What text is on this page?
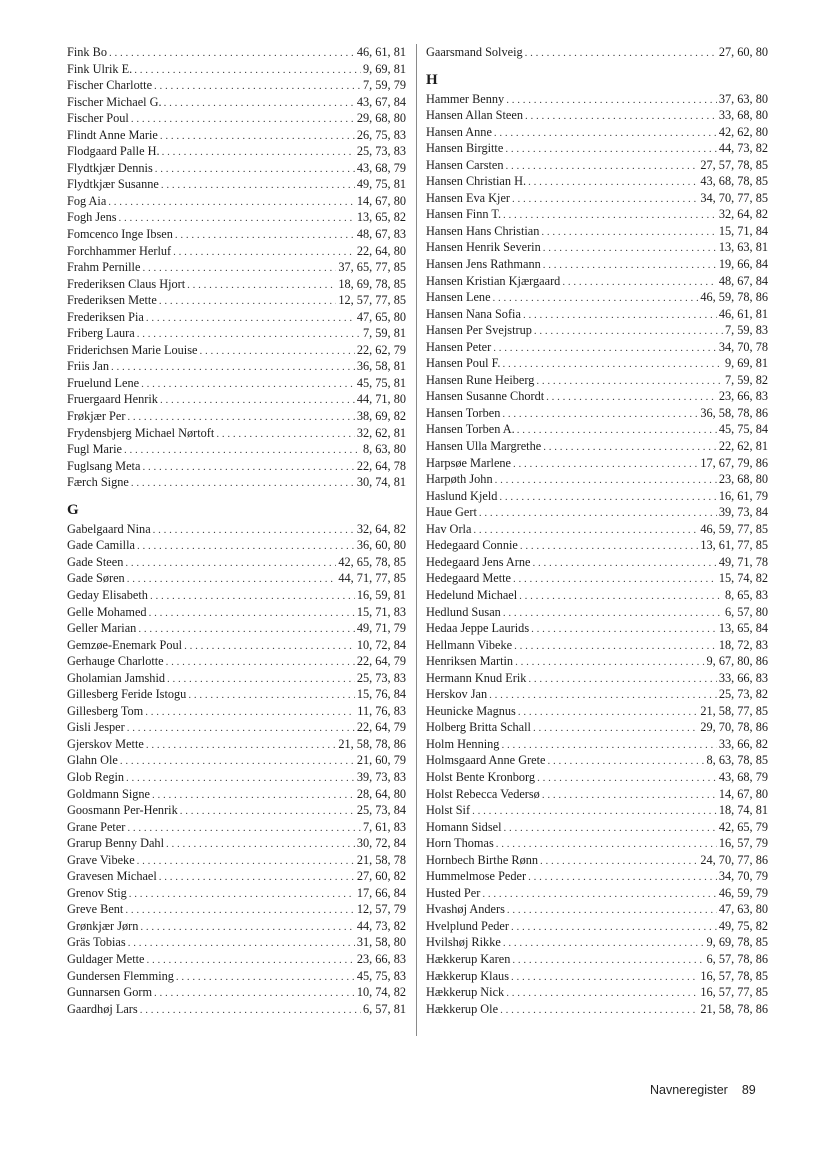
Fink Bo . . .	46, 61, 81
Fink Ulrik E. . . .	9, 69, 81
Fischer Charlotte . . .	7, 59, 79
Fischer Michael G. . . .	43, 67, 84
Fischer Poul . . .	29, 68, 80
Flindt Anne Marie . . .	26, 75, 83
Flodgaard Palle H. . . .	25, 73, 83
Flydtkjær Dennis . . .	43, 68, 79
Flydtkjær Susanne . . .	49, 75, 81
Fog Aia . . .	14, 67, 80
Fogh Jens . . .	13, 65, 82
Fomcenco Inge Ibsen . . .	48, 67, 83
Forchhammer Herluf . . .	22, 64, 80
Frahm Pernille . . .	37, 65, 77, 85
Frederiksen Claus Hjort . . .	18, 69, 78, 85
Frederiksen Mette . . .	12, 57, 77, 85
Frederiksen Pia . . .	47, 65, 80
Friberg Laura . . .	7, 59, 81
Friderichsen Marie Louise . . .	22, 62, 79
Friis Jan . . .	36, 58, 81
Fruelund Lene . . .	45, 75, 81
Fruergaard Henrik . . .	44, 71, 80
Frøkjær Per . . .	38, 69, 82
Frydensbjerg Michael Nørtoft . . .	32, 62, 81
Fugl Marie . . .	8, 63, 80
Fuglsang Meta . . .	22, 64, 78
Færch Signe . . .	30, 74, 81
G
Gabelgaard Nina . . .	32, 64, 82
Gade Camilla . . .	36, 60, 80
Gade Steen . . .	42, 65, 78, 85
Gade Søren . . .	44, 71, 77, 85
Geday Elisabeth . . .	16, 59, 81
Gelle Mohamed . . .	15, 71, 83
Geller Marian . . .	49, 71, 79
Gemzøe-Enemark Poul . . .	10, 72, 84
Gerhauge Charlotte . . .	22, 64, 79
Gholamian Jamshid . . .	25, 73, 83
Gillesberg Feride Istogu . . .	15, 76, 84
Gillesberg Tom . . .	11, 76, 83
Gisli Jesper . . .	22, 64, 79
Gjerskov Mette . . .	21, 58, 78, 86
Glahn Ole . . .	21, 60, 79
Glob Regin . . .	39, 73, 83
Goldmann Signe . . .	28, 64, 80
Goosmann Per-Henrik . . .	25, 73, 84
Grane Peter . . .	7, 61, 83
Grarup Benny Dahl . . .	30, 72, 84
Grave Vibeke . . .	21, 58, 78
Gravesen Michael . . .	27, 60, 82
Grenov Stig . . .	17, 66, 84
Greve Bent . . .	12, 57, 79
Grønkjær Jørn . . .	44, 73, 82
Gräs Tobias . . .	31, 58, 80
Guldager Mette . . .	23, 66, 83
Gundersen Flemming . . .	45, 75, 83
Gunnarsen Gorm . . .	10, 74, 82
Gaardhøj Lars . . .	6, 57, 81
Gaarsmand Solveig . . .	27, 60, 80
H
Hammer Benny . . .	37, 63, 80
Hansen Allan Steen . . .	33, 68, 80
Hansen Anne . . .	42, 62, 80
Hansen Birgitte . . .	44, 73, 82
Hansen Carsten . . .	27, 57, 78, 85
Hansen Christian H. . . .	43, 68, 78, 85
Hansen Eva Kjer . . .	34, 70, 77, 85
Hansen Finn T. . . .	32, 64, 82
Hansen Hans Christian . . .	15, 71, 84
Hansen Henrik Severin . . .	13, 63, 81
Hansen Jens Rathmann . . .	19, 66, 84
Hansen Kristian Kjærgaard . . .	48, 67, 84
Hansen Lene . . .	46, 59, 78, 86
Hansen Nana Sofia . . .	46, 61, 81
Hansen Per Svejstrup . . .	7, 59, 83
Hansen Peter . . .	34, 70, 78
Hansen Poul F. . . .	9, 69, 81
Hansen Rune Heiberg . . .	7, 59, 82
Hansen Susanne Chordt . . .	23, 66, 83
Hansen Torben . . .	36, 58, 78, 86
Hansen Torben A. . . .	45, 75, 84
Hansen Ulla Margrethe . . .	22, 62, 81
Harpsøe Marlene . . .	17, 67, 79, 86
Harpøth John . . .	23, 68, 80
Haslund Kjeld . . .	16, 61, 79
Haue Gert . . .	39, 73, 84
Hav Orla . . .	46, 59, 77, 85
Hedegaard Connie . . .	13, 61, 77, 85
Hedegaard Jens Arne . . .	49, 71, 78
Hedegaard Mette . . .	15, 74, 82
Hedelund Michael . . .	8, 65, 83
Hedlund Susan . . .	6, 57, 80
Hedaa Jeppe Laurids . . .	13, 65, 84
Hellmann Vibeke . . .	18, 72, 83
Henriksen Martin . . .	9, 67, 80, 86
Hermann Knud Erik . . .	33, 66, 83
Herskov Jan . . .	25, 73, 82
Heunicke Magnus . . .	21, 58, 77, 85
Holberg Britta Schall . . .	29, 70, 78, 86
Holm Henning . . .	33, 66, 82
Holmsgaard Anne Grete . . .	8, 63, 78, 85
Holst Bente Kronborg . . .	43, 68, 79
Holst Rebecca Vedersø . . .	14, 67, 80
Holst Sif . . .	18, 74, 81
Homann Sidsel . . .	42, 65, 79
Horn Thomas . . .	16, 57, 79
Hornbech Birthe Rønn . . .	24, 70, 77, 86
Hummelmose Peder . . .	34, 70, 79
Husted Per . . .	46, 59, 79
Hvashøj Anders . . .	47, 63, 80
Hvelplund Peder . . .	49, 75, 82
Hvilshøj Rikke . . .	9, 69, 78, 85
Hækkerup Karen . . .	6, 57, 78, 86
Hækkerup Klaus . . .	16, 57, 78, 85
Hækkerup Nick . . .	16, 57, 77, 85
Hækkerup Ole . . .	21, 58, 78, 86
Navneregister 89
